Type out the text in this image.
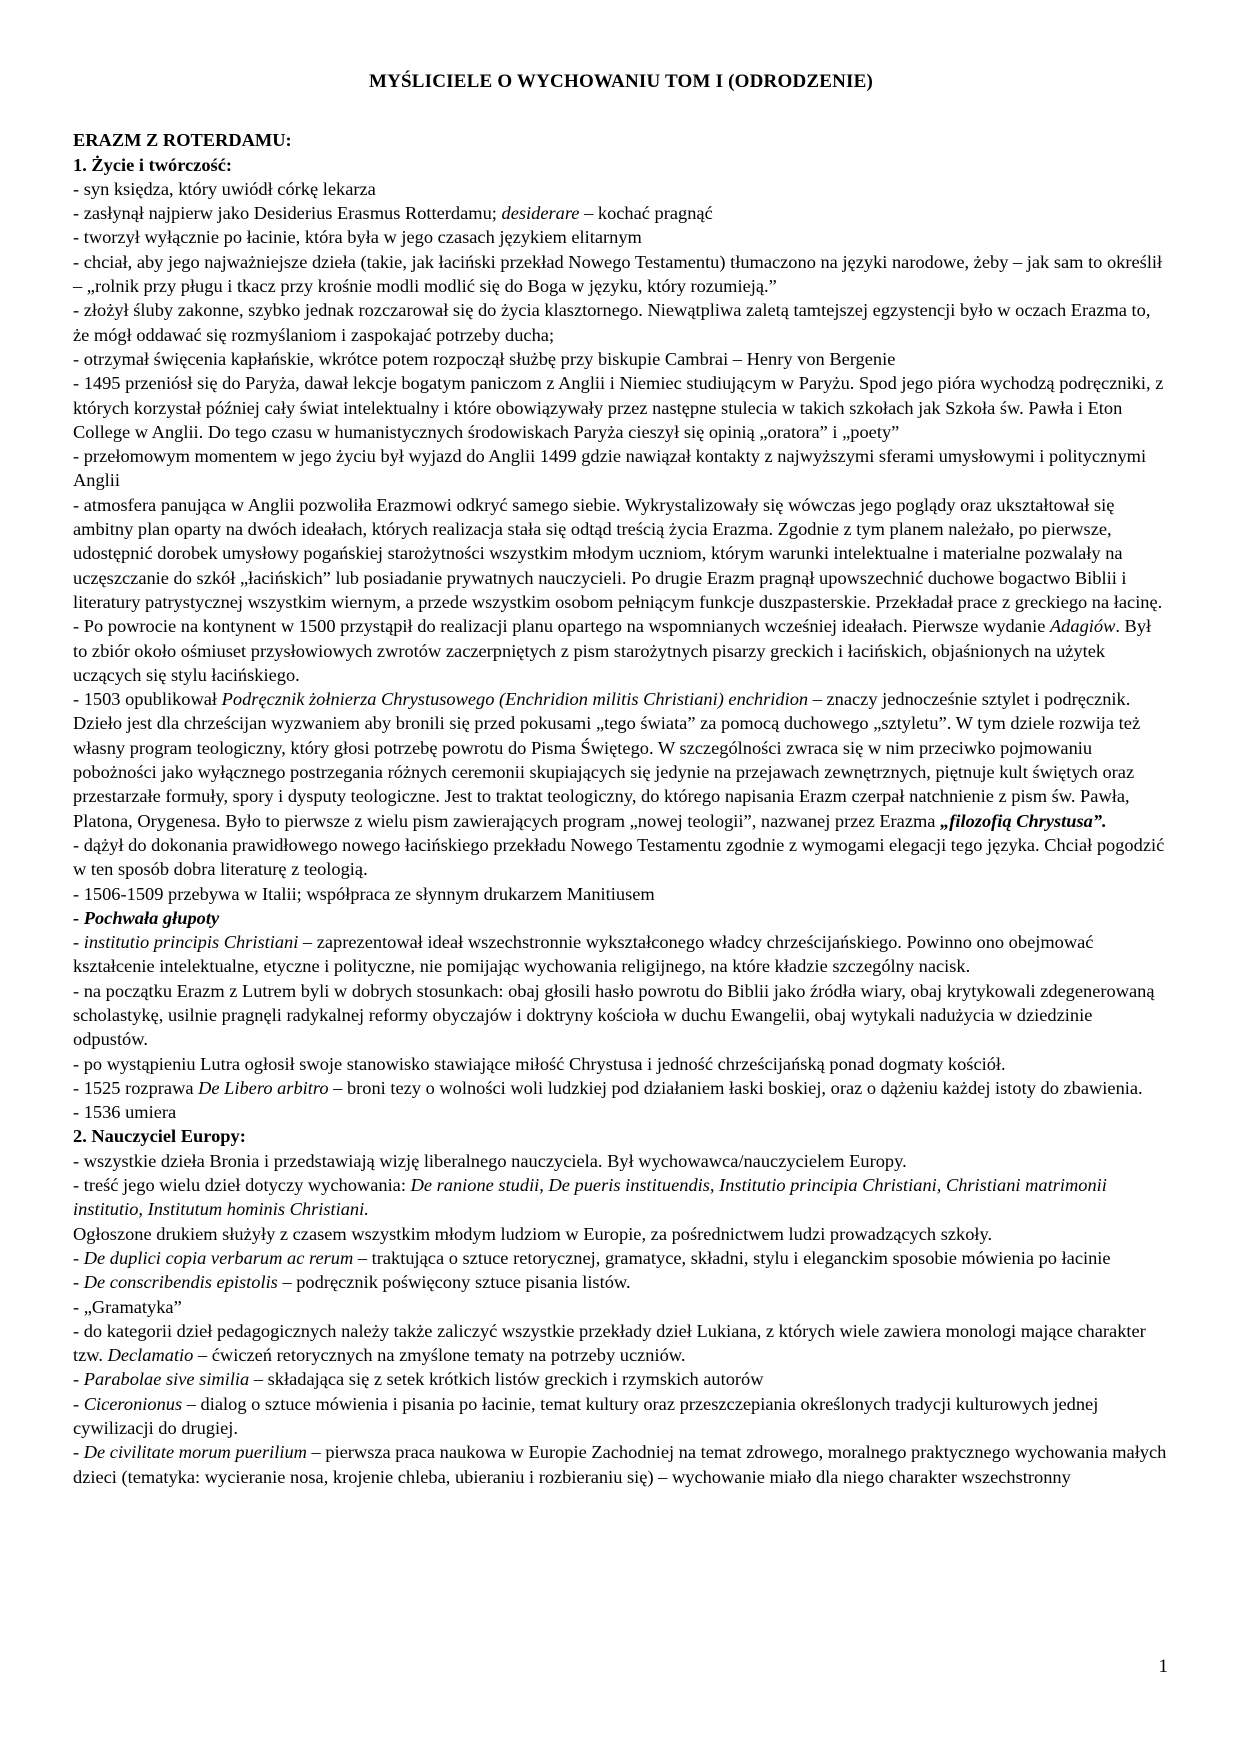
MYŚLICIELE O WYCHOWANIU TOM I (ODRODZENIE)

ERAZM Z ROTERDAMU:

1. Życie i twórczość:

- syn księdza, który uwiódł córkę lekarza

- zasłynął najpierw jako Desiderius Erasmus Rotterdamu; desiderare – kochać pragnąć

- tworzył wyłącznie po łacinie, która była w jego czasach językiem elitarnym

- chciał, aby jego najważniejsze dzieła (takie, jak łaciński przekład Nowego Testamentu) tłumaczono na języki narodowe, żeby – jak sam to określił – „rolnik przy pługu i tkacz przy krośnie modli modlić się do Boga w języku, który rozumieją.”

- złożył śluby zakonne, szybko jednak rozczarował się do życia klasztornego. Niewątpliwa zaletą tamtejszej egzystencji było w oczach Erazma to, że mógł oddawać się rozmyślaniom i zaspokajać potrzeby ducha;

- otrzymał święcenia kapłańskie, wkrótce potem rozpoczął służbę przy biskupie Cambrai – Henry von Bergenie

- 1495 przeniósł się do Paryża, dawał lekcje bogatym paniczom z Anglii i Niemiec studiującym w Paryżu. Spod jego pióra wychodzą podręczniki, z których korzystał później cały świat intelektualny i które obowiązywały przez następne stulecia w takich szkołach jak Szkoła św. Pawła i Eton College w Anglii. Do tego czasu w humanistycznych środowiskach Paryża cieszył się opinią „oratora” i „poety”

- przełomowym momentem w jego życiu był wyjazd do Anglii 1499 gdzie nawiązał kontakty z najwyższymi sferami umysłowymi i politycznymi Anglii

- atmosfera panująca w Anglii pozwoliła Erazmowi odkryć samego siebie. Wykrystalizowały się wówczas jego poglądy oraz ukształtował się ambitny plan oparty na dwóch ideałach, których realizacja stała się odtąd treścią życia Erazma. Zgodnie z tym planem należało, po pierwsze, udostępnić dorobek umysłowy pogańskiej starożytności wszystkim młodym uczniom, którym warunki intelektualne i materialne pozwalały na uczęszczanie do szkół „łacińskich” lub posiadanie prywatnych nauczycieli. Po drugie Erazm pragnął upowszechnić duchowe bogactwo Biblii i literatury patrystycznej wszystkim wiernym, a przede wszystkim osobom pełniącym funkcje duszpasterskie. Przekładał prace z greckiego na łacinę.

- Po powrocie na kontynent w 1500 przystąpił do realizacji planu opartego na wspomnianych wcześniej ideałach. Pierwsze wydanie Adagiów. Był to zbiór około ośmiuset przysłowiowych zwrotów zaczerpniętych z pism starożytnych pisarzy greckich i łacińskich, objaśnionych na użytek uczących się stylu łacińskiego.

- 1503 opublikował Podręcznik żołnierza Chrystusowego (Enchridion militis Christiani) enchridion – znaczy jednocześnie sztylet i podręcznik. Dzieło jest dla chrześcijan wyzwaniem aby bronili się przed pokusami „tego świata” za pomocą duchowego „sztyletu”. W tym dziele rozwija też własny program teologiczny, który głosi potrzebę powrotu do Pisma Świętego. W szczególności zwraca się w nim przeciwko pojmowaniu pobożności jako wyłącznego postrzegania różnych ceremonii skupiających się jedynie na przejawach zewnętrznych, piętnuje kult świętych oraz przestarzałe formuły, spory i dysputy teologiczne. Jest to traktat teologiczny, do którego napisania Erazm czerpał natchnienie z pism św. Pawła, Platona, Orygenesa. Było to pierwsze z wielu pism zawierających program „nowej teologii”, nazwanej przez Erazma „filozofią Chrystusa”.

- dążył do dokonania prawidłowego nowego łacińskiego przekładu Nowego Testamentu zgodnie z wymogami elegacji tego języka. Chciał pogodzić w ten sposób dobra literaturę z teologią.

- 1506-1509 przebywa w Italii; współpraca ze słynnym drukarzem Manitiusem

- Pochwała głupoty

- institutio principis Christiani – zaprezentował ideał wszechstronnie wykształconego władcy chrześcijańskiego. Powinno ono obejmować kształcenie intelektualne, etyczne i polityczne, nie pomijając wychowania religijnego, na które kładzie szczególny nacisk.

- na początku Erazm z Lutrem byli w dobrych stosunkach: obaj głosili hasło powrotu do Biblii jako źródła wiary, obaj krytykowali zdegenerowaną scholastykę, usilnie pragnęli radykalnej reformy obyczajów i doktryny kościoła w duchu Ewangelii, obaj wytykali nadużycia w dziedzinie odpustów.

- po wystąpieniu Lutra ogłosił swoje stanowisko stawiające miłość Chrystusa i jedność chrześcijańską ponad dogmaty kościół.

- 1525 rozprawa De Libero arbitro – broni tezy o wolności woli ludzkiej pod działaniem łaski boskiej, oraz o dążeniu każdej istoty do zbawienia.

- 1536 umiera

2. Nauczyciel Europy:

- wszystkie dzieła Bronia i przedstawiają wizję liberalnego nauczyciela. Był wychowawca/nauczycielem Europy.

- treść jego wielu dzieł dotyczy wychowania: De ranione studii, De pueris instituendis, Institutio principia Christiani, Christiani matrimonii institutio, Institutum hominis Christiani.

Ogłoszone drukiem służyły z czasem wszystkim młodym ludziom w Europie, za pośrednictwem ludzi prowadzących szkoły.

- De duplici copia verbarum ac rerum – traktująca o sztuce retorycznej, gramatyce, składni, stylu i eleganckim sposobie mówienia po łacinie

- De conscribendis epistolis – podręcznik poświęcony sztuce pisania listów.

- „Gramatyka”

- do kategorii dzieł pedagogicznych należy także zaliczyć wszystkie przekłady dzieł Lukiana, z których wiele zawiera monologi mające charakter tzw. Declamatio – ćwiczeń retorycznych na zmyślone tematy na potrzeby uczniów.

- Parabolae sive similia – składająca się z setek krótkich listów greckich i rzymskich autorów

- Ciceronionus – dialog o sztuce mówienia i pisania po łacinie, temat kultury oraz przeszczepiania określonych tradycji kulturowych jednej cywilizacji do drugiej.

- De civilitate morum puerilium – pierwsza praca naukowa w Europie Zachodniej na temat zdrowego, moralnego praktycznego wychowania małych dzieci (tematyka: wycieranie nosa, krojenie chleba, ubieraniu i rozbieraniu się) – wychowanie miało dla niego charakter wszechstronny

1
